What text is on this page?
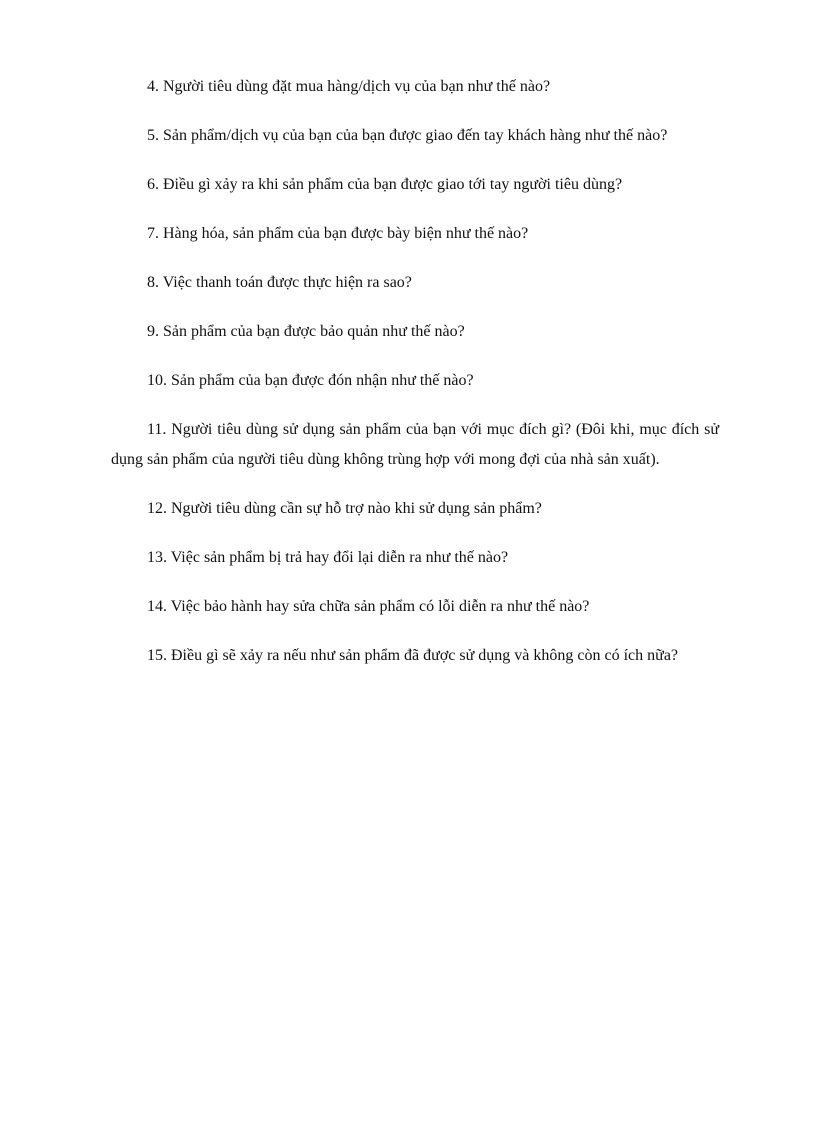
4. Người tiêu dùng đặt mua hàng/dịch vụ của bạn như thế nào?

5. Sản phẩm/dịch vụ của bạn của bạn được giao đến tay khách hàng như thế nào?

6. Điều gì xảy ra khi sản phẩm của bạn được giao tới tay người tiêu dùng?

7. Hàng hóa, sản phẩm của bạn được bày biện như thế nào?

8. Việc thanh toán được thực hiện ra sao?

9. Sản phẩm của bạn được bảo quản như thế nào?

10. Sản phẩm của bạn được đón nhận như thế nào?

11. Người tiêu dùng sử dụng sản phẩm của bạn với mục đích gì? (Đôi khi, mục đích sử dụng sản phẩm của người tiêu dùng không trùng hợp với mong đợi của nhà sản xuất).

12. Người tiêu dùng cần sự hỗ trợ nào khi sử dụng sản phẩm?

13. Việc sản phẩm bị trả hay đổi lại diễn ra như thế nào?

14. Việc bảo hành hay sửa chữa sản phẩm có lỗi diễn ra như thế nào?

15. Điều gì sẽ xảy ra nếu như sản phẩm đã được sử dụng và không còn có ích nữa?
